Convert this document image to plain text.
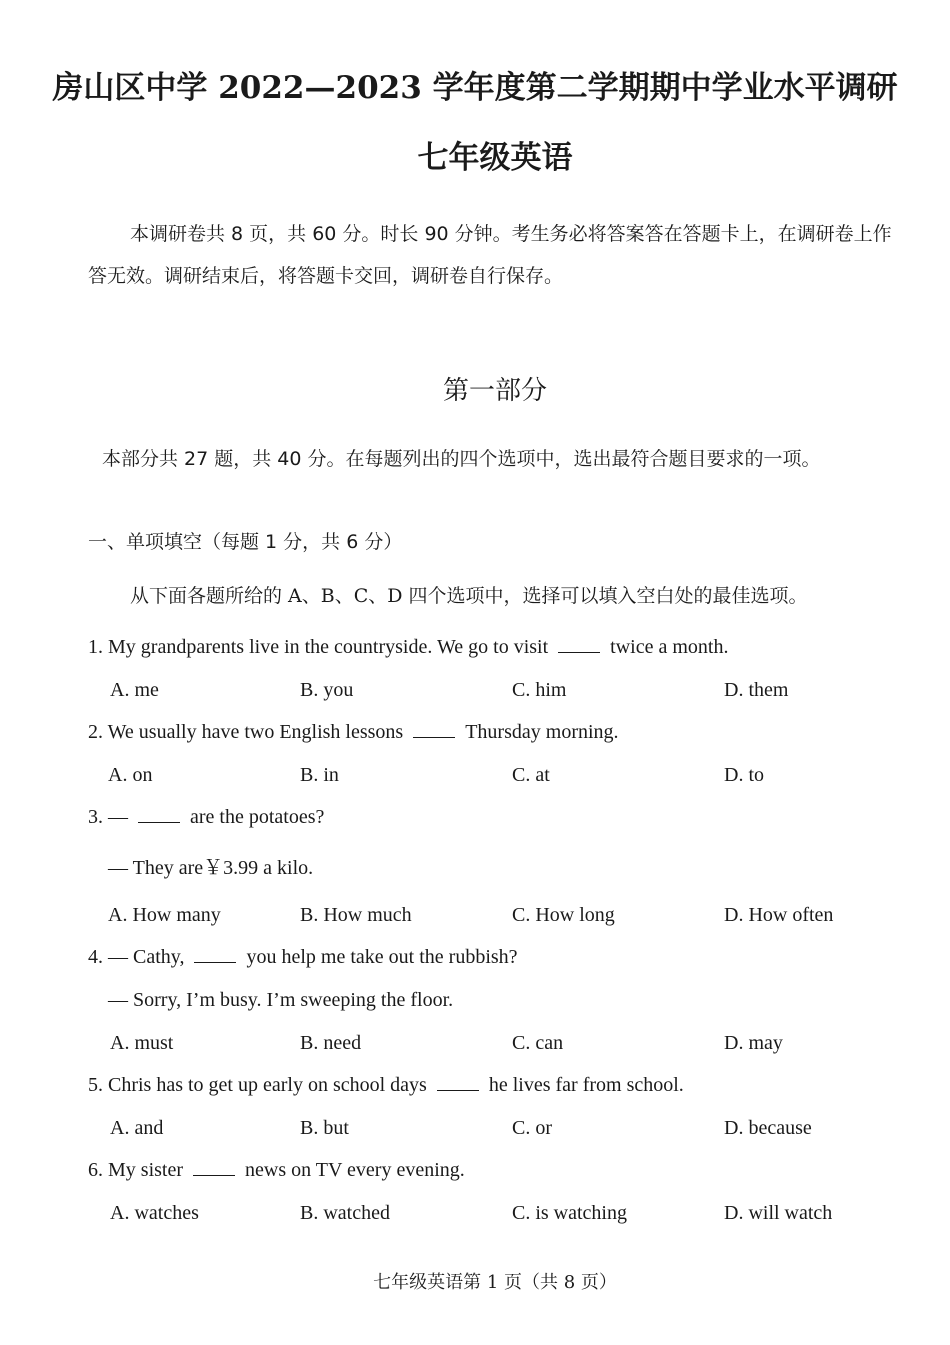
房山区中学 2022—2023 学年度第二学期期中学业水平调研
七年级英语
本调研卷共 8 页，共 60 分。时长 90 分钟。考生务必将答案答在答题卡上，在调研卷上作答无效。调研结束后，将答题卡交回，调研卷自行保存。
第一部分
本部分共 27 题，共 40 分。在每题列出的四个选项中，选出最符合题目要求的一项。
一、单项填空（每题 1 分，共 6 分）
从下面各题所给的 A、B、C、D 四个选项中，选择可以填入空白处的最佳选项。
1. My grandparents live in the countryside. We go to visit	twice a month.
A. me	B. you	C. him	D. them
2. We usually have two English lessons	Thursday morning.
A. on	B. in	C. at	D. to
3. —	are the potatoes?
— They are￥3.99 a kilo.
A. How many	B. How much	C. How long	D. How often
4. — Cathy,	you help me take out the rubbish?
— Sorry, I’m busy. I’m sweeping the floor.
A. must	B. need	C. can	D. may
5. Chris has to get up early on school days	he lives far from school.
A. and	B. but	C. or	D. because
6. My sister	news on TV every evening.
A. watches	B. watched	C. is watching	D. will watch
七年级英语第 1 页（共 8 页）
